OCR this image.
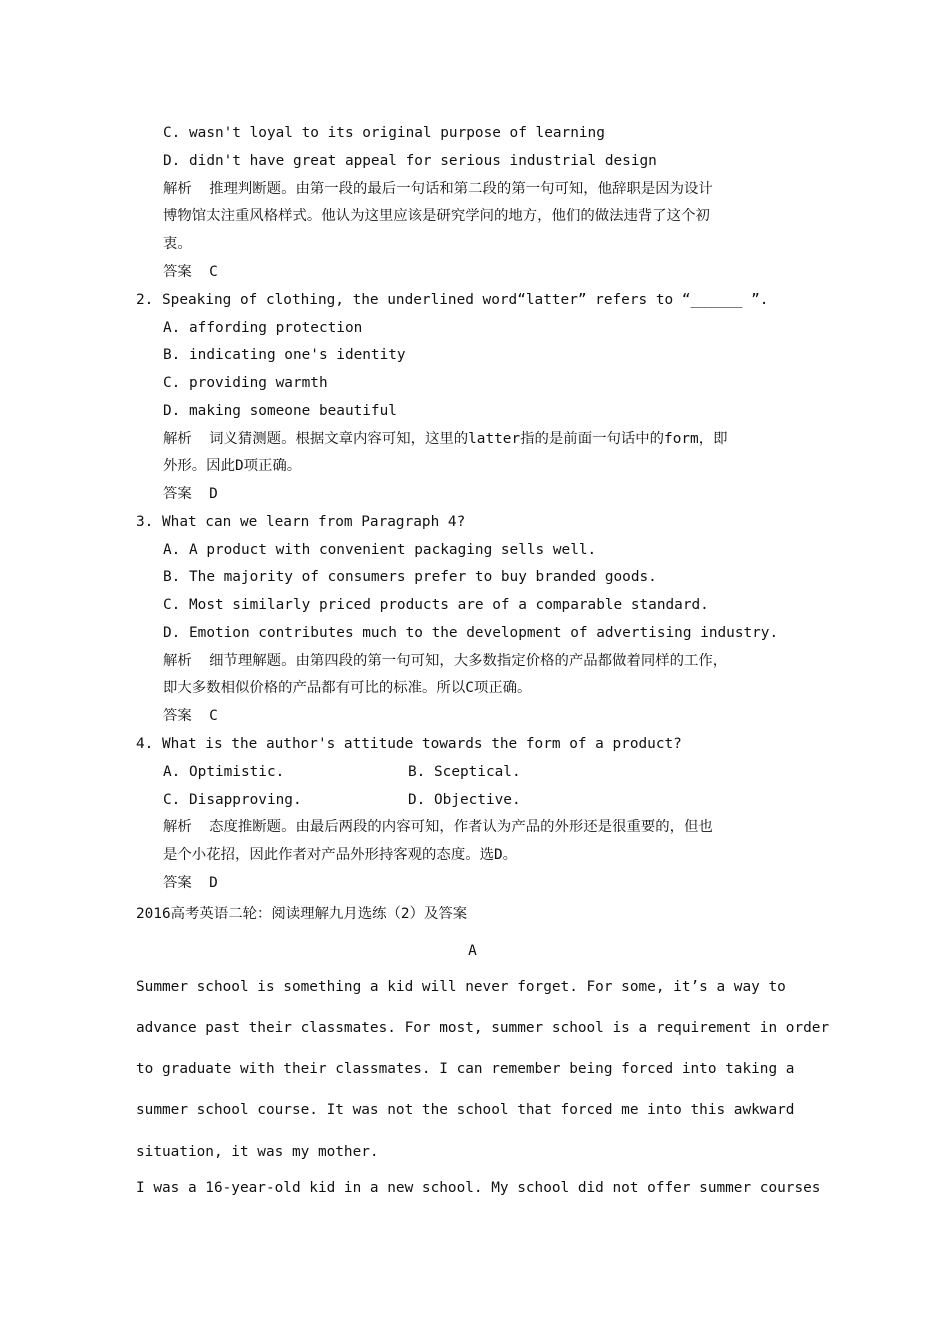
C. wasn't loyal to its original purpose of learning
D. didn't have great appeal for serious industrial design
解析  推理判断题。由第一段的最后一句话和第二段的第一句可知，他辞职是因为设计
博物馆太注重风格样式。他认为这里应该是研究学问的地方，他们的做法违背了这个初
衷。
答案  C
2. Speaking of clothing, the underlined word“latter” refers to “______ ”.
A. affording protection
B. indicating one's identity
C. providing warmth
D. making someone beautiful
解析  词义猜测题。根据文章内容可知，这里的latter指的是前面一句话中的form，即
外形。因此D项正确。
答案  D
3. What can we learn from Paragraph 4?
A. A product with convenient packaging sells well.
B. The majority of consumers prefer to buy branded goods.
C. Most similarly priced products are of a comparable standard.
D. Emotion contributes much to the development of advertising industry.
解析  细节理解题。由第四段的第一句可知，大多数指定价格的产品都做着同样的工作，
即大多数相似价格的产品都有可比的标准。所以C项正确。
答案  C
4. What is the author's attitude towards the form of a product?
A. Optimistic.	B. Sceptical.
C. Disapproving.	D. Objective.
解析  态度推断题。由最后两段的内容可知，作者认为产品的外形还是很重要的，但也
是个小花招，因此作者对产品外形持客观的态度。选D。
答案  D
2016高考英语二轮：阅读理解九月选练（2）及答案
A
Summer school is something a kid will never forget. For some, it’s a way to
advance past their classmates. For most, summer school is a requirement in order
to graduate with their classmates. I can remember being forced into taking a
summer school course. It was not the school that forced me into this awkward
situation, it was my mother.
I was a 16-year-old kid in a new school. My school did not offer summer courses
